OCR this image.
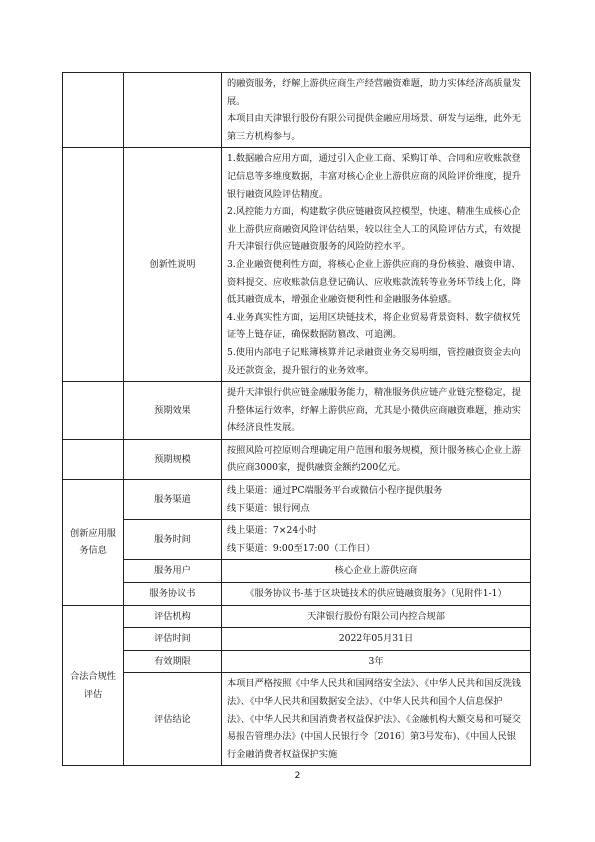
		的融资服务，纾解上游供应商生产经营融资难题，助力实体经济高质量发展。

本项目由天津银行股份有限公司提供金融应用场景、研发与运维，此外无第三方机构参与。

	创新性说明	1.数据融合应用方面，通过引入企业工商、采购订单、合同和应收账款登记信息等多维度数据，丰富对核心企业上游供应商的风险评价维度，提升银行融资风险评估精度。

2.风控能力方面，构建数字供应链融资风控模型，快速、精准生成核心企业上游供应商融资风险评估结果，较以往全人工的风险评估方式，有效提升天津银行供应链融资服务的风险防控水平。

3.企业融资便利性方面，将核心企业上游供应商的身份核验、融资申请、资料提交、应收账款信息登记确认、应收账款流转等业务环节线上化，降低其融资成本，增强企业融资便利性和金融服务体验感。

4.业务真实性方面，运用区块链技术，将企业贸易背景资料、数字债权凭证等上链存证，确保数据防篡改、可追溯。

5.使用内部电子记账簿核算并记录融资业务交易明细，管控融资资金去向及还款资金，提升银行的业务效率。

	预期效果	提升天津银行供应链金融服务能力，精准服务供应链产业链完整稳定，提升整体运行效率，纾解上游供应商，尤其是小微供应商融资难题，推动实体经济良性发展。

	预期规模	按照风险可控原则合理确定用户范围和服务规模，预计服务核心企业上游供应商3000家，提供融资金额约200亿元。

创新应用服务信息	服务渠道	线上渠道：通过PC端服务平台或微信小程序提供服务

线下渠道：银行网点

	服务时间	线上渠道：7×24小时

线下渠道：9:00至17:00（工作日）

	服务用户	核心企业上游供应商
	服务协议书	《服务协议书-基于区块链技术的供应链融资服务》（见附件1-1）
合法合规性评估	评估机构	天津银行股份有限公司内控合规部
	评估时间	2022年05月31日
	有效期限	3年
	评估结论	本项目严格按照《中华人民共和国网络安全法》、《中华人民共和国反洗钱法》、《中华人民共和国数据安全法》、《中华人民共和国个人信息保护法》、《中华人民共和国消费者权益保护法》、《金融机构大额交易和可疑交易报告管理办法》(中国人民银行令〔2016〕第3号发布)、《中国人民银行金融消费者权益保护实施
2
